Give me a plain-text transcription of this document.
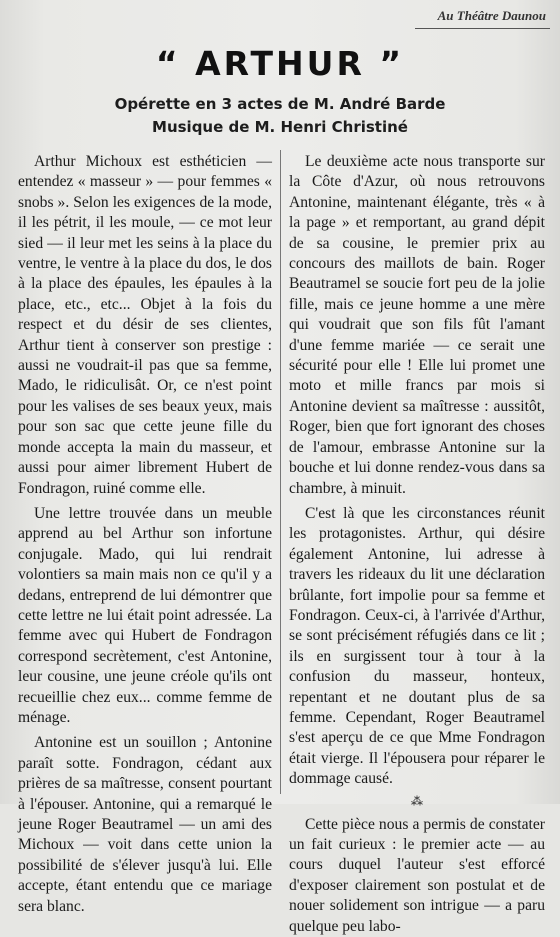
Au Théâtre Daunou
“ ARTHUR ”
Opérette en 3 actes de M. André Barde
Musique de M. Henri Christiné

Arthur Michoux est esthéticien — entendez « masseur » — pour femmes « snobs ». Selon les exigences de la mode, il les pétrit, il les moule, — ce mot leur sied — il leur met les seins à la place du ventre, le ventre à la place du dos, le dos à la place des épaules, les épaules à la place, etc., etc... Objet à la fois du respect et du désir de ses clientes, Arthur tient à conserver son prestige : aussi ne voudrait-il pas que sa femme, Mado, le ridiculisât. Or, ce n'est point pour les valises de ses beaux yeux, mais pour son sac que cette jeune fille du monde accepta la main du masseur, et aussi pour aimer librement Hubert de Fondragon, ruiné comme elle.

Une lettre trouvée dans un meuble apprend au bel Arthur son infortune conjugale. Mado, qui lui rendrait volontiers sa main mais non ce qu'il y a dedans, entreprend de lui démontrer que cette lettre ne lui était point adressée. La femme avec qui Hubert de Fondragon correspond secrètement, c'est Antonine, leur cousine, une jeune créole qu'ils ont recueillie chez eux... comme femme de ménage.

Antonine est un souillon ; Antonine paraît sotte. Fondragon, cédant aux prières de sa maîtresse, consent pourtant à l'épouser. Antonine, qui a remarqué le jeune Roger Beautramel — un ami des Michoux — voit dans cette union la possibilité de s'élever jusqu'à lui. Elle accepte, étant entendu que ce mariage sera blanc.

Le deuxième acte nous transporte sur la Côte d'Azur, où nous retrouvons Antonine, maintenant élégante, très « à la page » et remportant, au grand dépit de sa cousine, le premier prix au concours des maillots de bain. Roger Beautramel se soucie fort peu de la jolie fille, mais ce jeune homme a une mère qui voudrait que son fils fût l'amant d'une femme mariée — ce serait une sécurité pour elle ! Elle lui promet une moto et mille francs par mois si Antonine devient sa maîtresse : aussitôt, Roger, bien que fort ignorant des choses de l'amour, embrasse Antonine sur la bouche et lui donne rendez-vous dans sa chambre, à minuit.

C'est là que les circonstances réunit les protagonistes. Arthur, qui désire également Antonine, lui adresse à travers les rideaux du lit une déclaration brûlante, fort impolie pour sa femme et Fondragon. Ceux-ci, à l'arrivée d'Arthur, se sont précisément réfugiés dans ce lit ; ils en surgissent tour à tour à la confusion du masseur, honteux, repentant et ne doutant plus de sa femme. Cependant, Roger Beautramel s'est aperçu de ce que Mme Fondragon était vierge. Il l'épousera pour réparer le dommage causé.

⁂

Cette pièce nous a permis de constater un fait curieux : le premier acte — au cours duquel l'auteur s'est efforcé d'exposer clairement son postulat et de nouer solidement son intrigue — a paru quelque peu labo-
